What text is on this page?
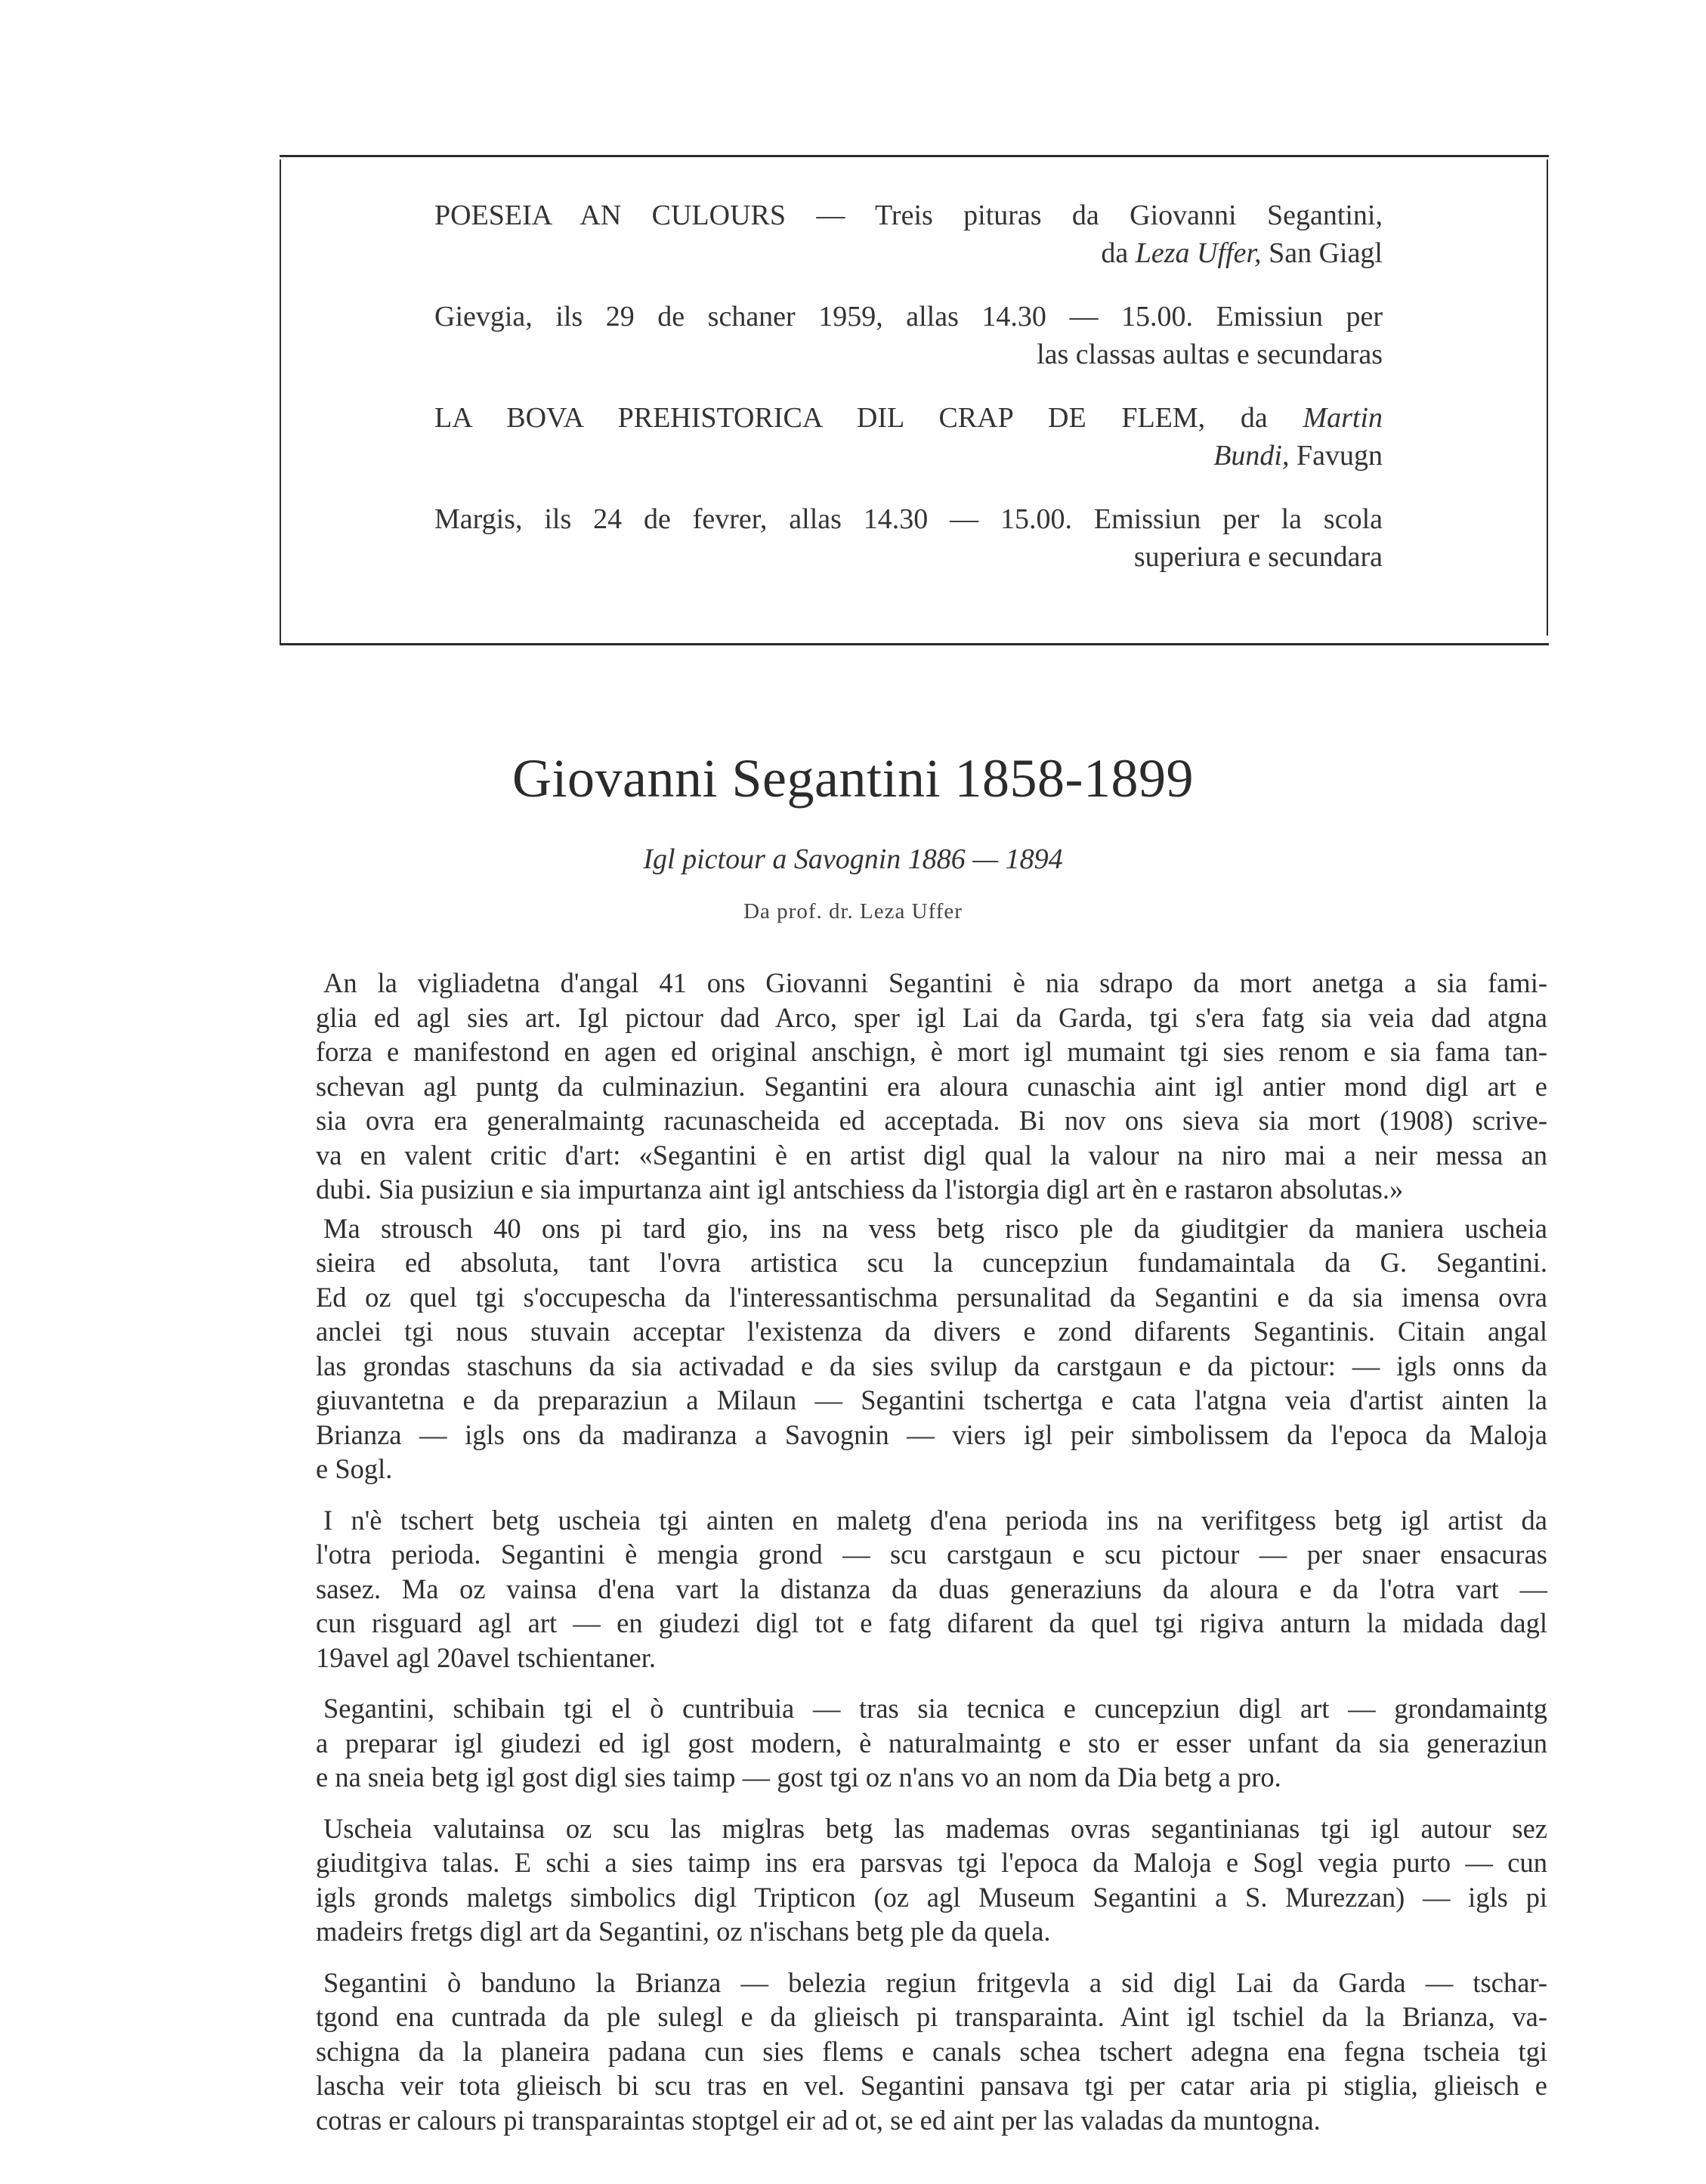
POESEIA AN CULOURS — Treis pituras da Giovanni Segantini,
da Leza Uffer, San Giagl

Gievgia, ils 29 de schaner 1959, allas 14.30 — 15.00. Emissiun per
las classas aultas e secundaras

LA BOVA PREHISTORICA DIL CRAP DE FLEM, da Martin
Bundi, Favugn

Margis, ils 24 de fevrer, allas 14.30 — 15.00. Emissiun per la scola
superiura e secundara

Giovanni Segantini 1858-1899

Igl pictour a Savognin 1886 — 1894

Da prof. dr. Leza Uffer

An la vigliadetna d'angal 41 ons Giovanni Segantini è nia sdrapo da mort anetga a sia fami-
glia ed agl sies art. Igl pictour dad Arco, sper igl Lai da Garda, tgi s'era fatg sia veia dad atgna
forza e manifestond en agen ed original anschign, è mort igl mumaint tgi sies renom e sia fama tan-
schevan agl puntg da culminaziun. Segantini era aloura cunaschia aint igl antier mond digl art e
sia ovra era generalmaintg racunascheida ed acceptada. Bi nov ons sieva sia mort (1908) scrive-
va en valent critic d'art: «Segantini è en artist digl qual la valour na niro mai a neir messa an
dubi. Sia pusiziun e sia impurtanza aint igl antschiess da l'istorgia digl art èn e rastaron absolutas.»

Ma strousch 40 ons pi tard gio, ins na vess betg risco ple da giuditgier da maniera uscheia
sieira ed absoluta, tant l'ovra artistica scu la cuncepziun fundamaintala da G. Segantini.
Ed oz quel tgi s'occupescha da l'interessantischma persunalitad da Segantini e da sia imensa ovra
anclei tgi nous stuvain acceptar l'existenza da divers e zond difarents Segantinis. Citain angal
las grondas staschuns da sia activadad e da sies svilup da carstgaun e da pictour: — igls onns da
giuvantetna e da preparaziun a Milaun — Segantini tschertga e cata l'atgna veia d'artist ainten la
Brianza — igls ons da madiranza a Savognin — viers igl peir simbolissem da l'epoca da Maloja
e Sogl.

I n'è tschert betg uscheia tgi ainten en maletg d'ena perioda ins na verifitgess betg igl artist da
l'otra perioda. Segantini è mengia grond — scu carstgaun e scu pictour — per snaer ensacuras
sasez. Ma oz vainsa d'ena vart la distanza da duas generaziuns da aloura e da l'otra vart —
cun risguard agl art — en giudezi digl tot e fatg difarent da quel tgi rigiva anturn la midada dagl
19avel agl 20avel tschientaner.

Segantini, schibain tgi el ò cuntribuia — tras sia tecnica e cuncepziun digl art — grondamaintg
a preparar igl giudezi ed igl gost modern, è naturalmaintg e sto er esser unfant da sia generaziun
e na sneia betg igl gost digl sies taimp — gost tgi oz n'ans vo an nom da Dia betg a pro.

Uscheia valutainsa oz scu las miglras betg las mademas ovras segantinianas tgi igl autour sez
giuditgiva talas. E schi a sies taimp ins era parsvas tgi l'epoca da Maloja e Sogl vegia purto — cun
igls gronds maletgs simbolics digl Tripticon (oz agl Museum Segantini a S. Murezzan) — igls pi
madeirs fretgs digl art da Segantini, oz n'ischans betg ple da quela.

Segantini ò banduno la Brianza — belezia regiun fritgevla a sid digl Lai da Garda — tschar-
tgond ena cuntrada da ple sulegl e da glieisch pi transparainta. Aint igl tschiel da la Brianza, va-
schigna da la planeira padana cun sies flems e canals schea tschert adegna ena fegna tscheia tgi
lascha veir tota glieisch bi scu tras en vel. Segantini pansava tgi per catar aria pi stiglia, glieisch e
cotras er calours pi transparaintas stoptgel eir ad ot, se ed aint per las valadas da muntogna.
